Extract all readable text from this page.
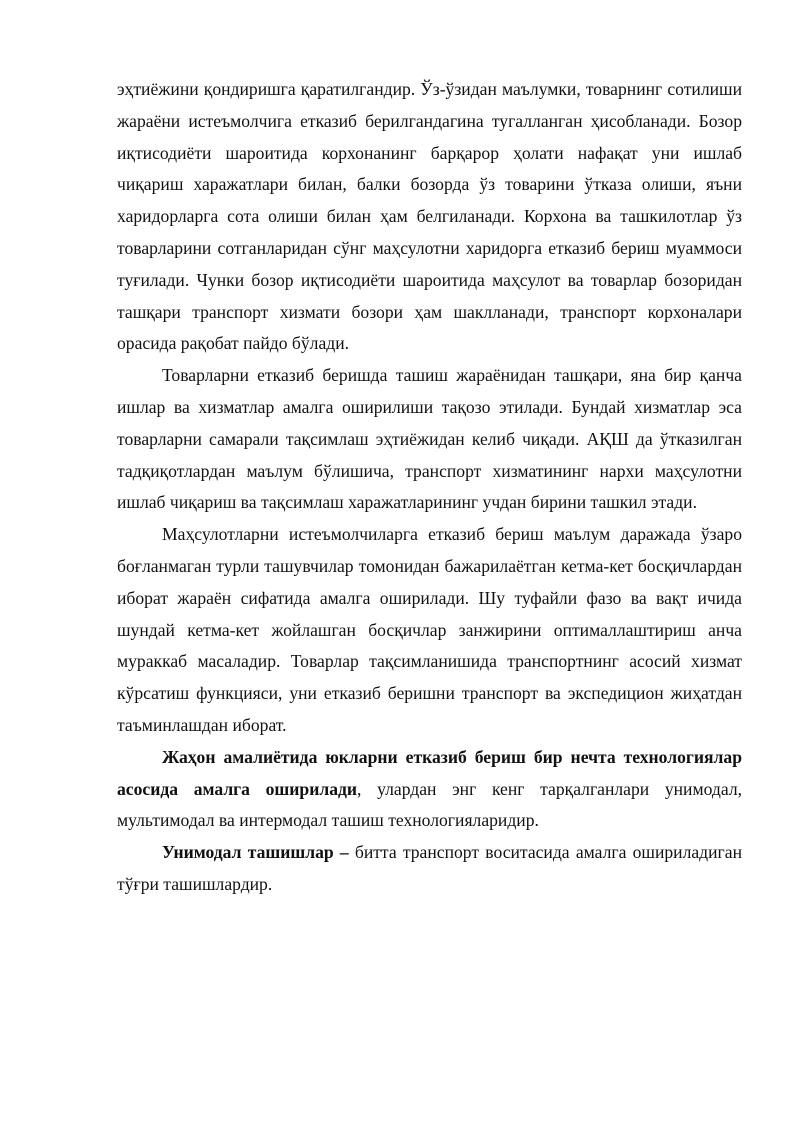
эҳтиёжини қондиришга қаратилгандир. Ўз-ўзидан маълумки, товарнинг сотилиши жараёни истеъмолчига етказиб берилгандагина тугалланган ҳисобланади. Бозор иқтисодиёти шароитида корхонанинг барқарор ҳолати нафақат уни ишлаб чиқариш харажатлари билан, балки бозорда ўз товарини ўтказа олиши, яъни харидорларга сота олиши билан ҳам белгиланади. Корхона ва ташкилотлар ўз товарларини сотганларидан сўнг маҳсулотни харидорга етказиб бериш муаммоси туғилади. Чунки бозор иқтисодиёти шароитида маҳсулот ва товарлар бозоридан ташқари транспорт хизмати бозори ҳам шаклланади, транспорт корхоналари орасида рақобат пайдо бўлади.

Товарларни етказиб беришда ташиш жараёнидан ташқари, яна бир қанча ишлар ва хизматлар амалга оширилиши тақозо этилади. Бундай хизматлар эса товарларни самарали тақсимлаш эҳтиёжидан келиб чиқади. АҚШ да ўтказилган тадқиқотлардан маълум бўлишича, транспорт хизматининг нархи маҳсулотни ишлаб чиқариш ва тақсимлаш харажатларининг учдан бирини ташкил этади.

Маҳсулотларни истеъмолчиларга етказиб бериш маълум даражада ўзаро боғланмаган турли ташувчилар томонидан бажарилаётган кетма-кет босқичлардан иборат жараён сифатида амалга оширилади. Шу туфайли фазо ва вақт ичида шундай кетма-кет жойлашган босқичлар занжирини оптималлаштириш анча мураккаб масаладир. Товарлар тақсимланишида транспортнинг асосий хизмат кўрсатиш функцияси, уни етказиб беришни транспорт ва экспедицион жиҳатдан таъминлашдан иборат.

Жаҳон амалиётида юкларни етказиб бериш бир нечта технологиялар асосида амалга оширилади, улардан энг кенг тарқалганлари унимодал, мультимодал ва интермодал ташиш технологияларидир.

Унимодал ташишлар – битта транспорт воситасида амалга ошириладиган тўғри ташишлардир.
